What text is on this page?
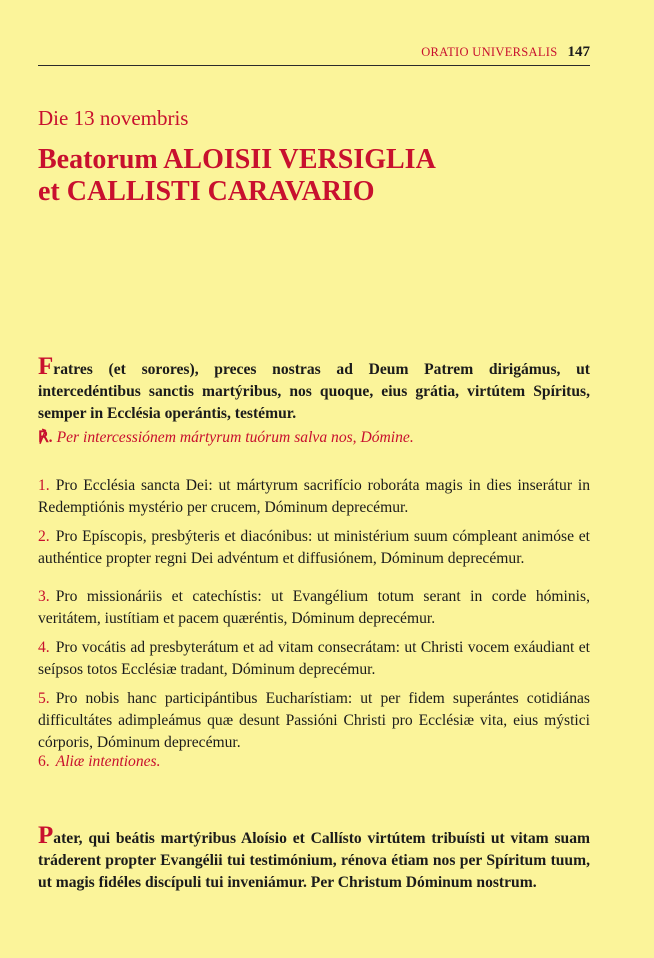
ORATIO UNIVERSALIS 147
Die 13 novembris
Beatorum ALOISII VERSIGLIA
et CALLISTI CARAVARIO

Fratres (et sorores), preces nostras ad Deum Patrem dirigámus, ut intercedéntibus sanctis martýribus, nos quoque, eius grátia, virtútem Spíritus, semper in Ecclésia operántis, testémur.

℟. Per intercessiónem mártyrum tuórum salva nos, Dómine.

1. Pro Ecclésia sancta Dei: ut mártyrum sacrifício roboráta magis in dies inserátur in Redemptiónis mystério per crucem, Dóminum deprecémur.

2. Pro Epíscopis, presbýteris et diacónibus: ut ministérium suum cómpleant animóse et authéntice propter regni Dei advéntum et diffusiónem, Dóminum deprecémur.

3. Pro missionáriis et catechístis: ut Evangélium totum serant in corde hóminis, veritátem, iustítiam et pacem quæréntis, Dóminum deprecémur.

4. Pro vocátis ad presbyterátum et ad vitam consecrátam: ut Christi vocem exáudiant et seípsos totos Ecclésiæ tradant, Dóminum deprecémur.

5. Pro nobis hanc participántibus Eucharístiam: ut per fidem superántes cotidiánas difficultátes adimpleámus quæ desunt Passióni Christi pro Ecclésiæ vita, eius mýstici córporis, Dóminum deprecémur.

6. Aliæ intentiones.

Pater, qui beátis martýribus Aloísio et Callísto virtútem tribuísti ut vitam suam tráderent propter Evangélii tui testimónium, rénova étiam nos per Spíritum tuum, ut magis fidéles discípuli tui inveniámur. Per Christum Dóminum nostrum.
